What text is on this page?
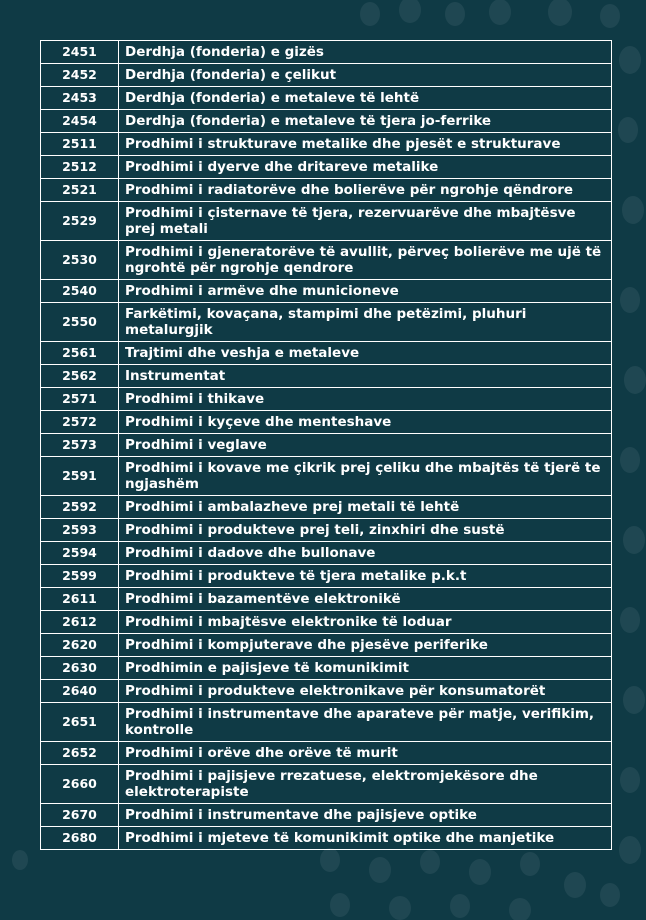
2451	Derdhja (fonderia) e gizës
2452	Derdhja (fonderia) e çelikut
2453	Derdhja (fonderia) e metaleve të lehtë
2454	Derdhja (fonderia) e metaleve të tjera jo-ferrike
2511	Prodhimi i strukturave metalike dhe pjesët e strukturave
2512	Prodhimi i dyerve dhe dritareve metalike
2521	Prodhimi i radiatorëve dhe bolierëve për ngrohje qëndrore
2529	Prodhimi i çisternave të tjera, rezervuarëve dhe mbajtësve prej metali
2530	Prodhimi i gjeneratorëve të avullit, përveç bolierëve me ujë të ngrohtë për ngrohje qendrore
2540	Prodhimi i armëve dhe municioneve
2550	Farkëtimi, kovaçana, stampimi dhe petëzimi, pluhuri metalurgjik
2561	Trajtimi dhe veshja e metaleve
2562	Instrumentat
2571	Prodhimi i thikave
2572	Prodhimi i kyçeve dhe menteshave
2573	Prodhimi i veglave
2591	Prodhimi i kovave me çikrik prej çeliku dhe mbajtës të tjerë te ngjashëm
2592	Prodhimi i ambalazheve prej metali të lehtë
2593	Prodhimi i produkteve prej teli, zinxhiri dhe sustë
2594	Prodhimi i dadove dhe bullonave
2599	Prodhimi i produkteve të tjera metalike p.k.t
2611	Prodhimi i bazamentëve elektronikë
2612	Prodhimi i mbajtësve elektronike të loduar
2620	Prodhimi i kompjuterave dhe pjesëve periferike
2630	Prodhimin e pajisjeve të komunikimit
2640	Prodhimi i produkteve elektronikave për konsumatorët
2651	Prodhimi i instrumentave dhe aparateve për matje, verifikim, kontrolle
2652	Prodhimi i orëve dhe orëve të murit
2660	Prodhimi i pajisjeve rrezatuese, elektromjekësore dhe elektroterapiste
2670	Prodhimi i instrumentave dhe pajisjeve optike
2680	Prodhimi i mjeteve të komunikimit optike dhe manjetike
